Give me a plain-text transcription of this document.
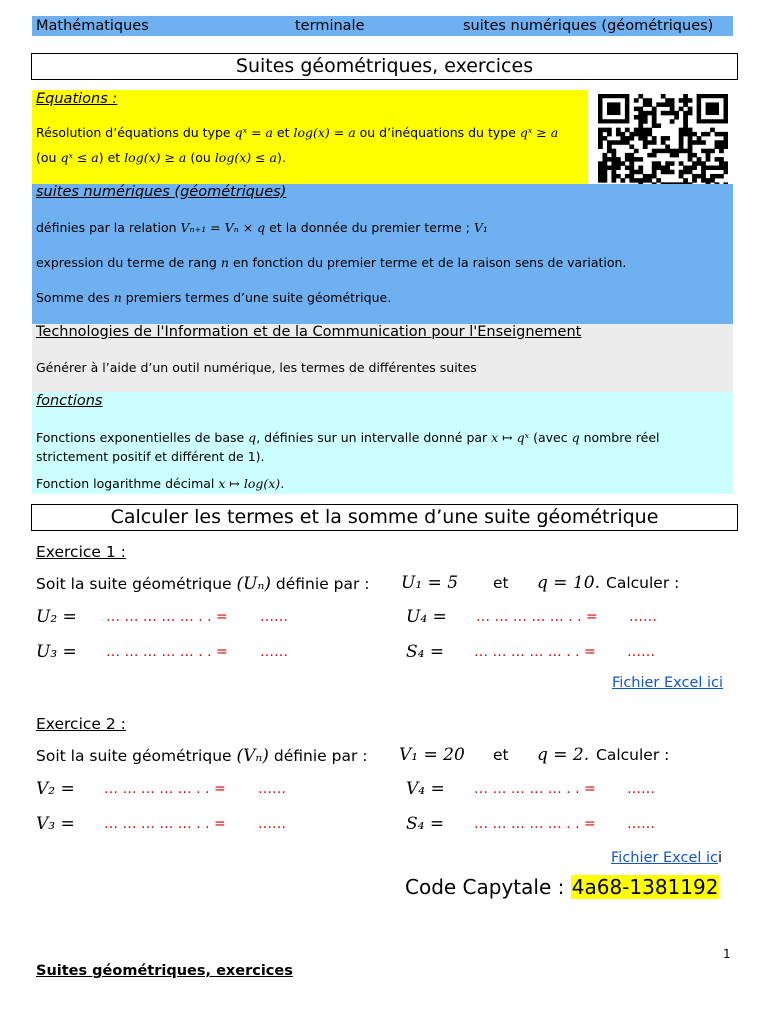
Mathématiques	terminale	suites numériques (géométriques)
Suites géométriques, exercices

Equations :

Résolution d’équations du type qˣ = a et log(x) = a ou d’inéquations du type qˣ ≥ a

(ou qˣ ≤ a) et log(x) ≥ a (ou log(x) ≤ a).

suites numériques (géométriques)

définies par la relation Vₙ₊₁ = Vₙ × q et la donnée du premier terme ; V₁

expression du terme de rang n en fonction du premier terme et de la raison sens de variation.

Somme des n premiers termes d’une suite géométrique.

Technologies de l'Information et de la Communication pour l'Enseignement

Générer à l’aide d’un outil numérique, les termes de différentes suites

fonctions

Fonctions exponentielles de base q, définies sur un intervalle donné par x ↦ qˣ (avec q nombre réel

strictement positif et différent de 1).

Fonction logarithme décimal x ↦ log(x).

Calculer les termes et la somme d’une suite géométrique
Exercice 1 :
Soit la suite géométrique (Uₙ) définie par : U₁ = 5 et q = 10. Calculer :
U₂ = … … … … … . . = ……	U₄ = … … … … … . . = ……
U₃ = … … … … … . . = ……	S₄ = … … … … … . . = ……
Fichier Excel ici
Exercice 2 :
Soit la suite géométrique (Vₙ) définie par : V₁ = 20 et q = 2. Calculer :
V₂ = … … … … … . . = ……	V₄ = … … … … … . . = ……
V₃ = … … … … … . . = ……	S₄ = … … … … … . . = ……
Fichier Excel ici
Code Capytale : 4a68-1381192
1
Suites géométriques, exercices
